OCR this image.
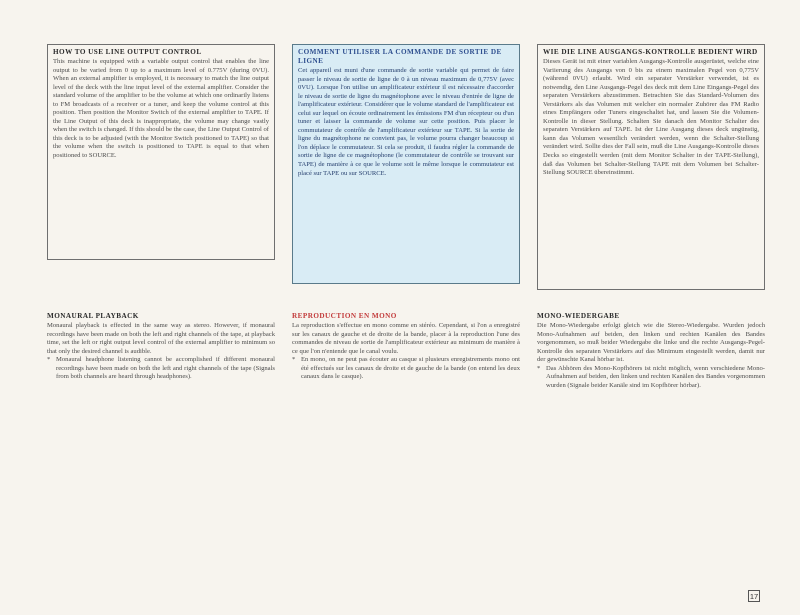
HOW TO USE LINE OUTPUT CONTROL

This machine is equipped with a variable output control that enables the line output to be varied from 0 up to a maximum level of 0.775V (during 0VU). When an external amplifier is employed, it is necessary to match the line output level of the deck with the line input level of the external amplifier. Consider the standard volume of the amplifier to be the volume at which one ordinarily listens to FM broadcasts of a receiver or a tuner, and keep the volume control at this position. Then position the Monitor Switch of the external amplifier to TAPE. If the Line Output of this deck is inappropriate, the volume may change vastly when the switch is changed. If this should be the case, the Line Output Control of this deck is to be adjusted (with the Monitor Switch positioned to TAPE) so that the volume when the switch is positioned to TAPE is equal to that when positioned to SOURCE.

COMMENT UTILISER LA COMMANDE DE SORTIE DE LIGNE

Cet appareil est muni d'une commande de sortie variable qui permet de faire passer le niveau de sortie de ligne de 0 à un niveau maximum de 0,775V (avec 0VU). Lorsque l'on utilise un amplificateur extérieur il est nécessaire d'accorder le niveau de sortie de ligne du magnétophone avec le niveau d'entrée de ligne de l'amplificateur extérieur. Considérer que le volume standard de l'amplificateur est celui sur lequel on écoute ordinairement les émissions FM d'un récepteur ou d'un tuner et laisser la commande de volume sur cette position. Puis placer le commutateur de contrôle de l'amplificateur extérieur sur TAPE. Si la sortie de ligne du magnétophone ne convient pas, le volume pourra changer beaucoup si l'on déplace le commutateur. Si cela se produit, il faudra régler la commande de sortie de ligne de ce magnétophone (le commutateur de contrôle se trouvant sur TAPE) de manière à ce que le volume soit le même lorsque le commutateur est placé sur TAPE ou sur SOURCE.

WIE DIE LINE AUSGANGS-KONTROLLE BEDIENT WIRD

Dieses Gerät ist mit einer variablen Ausgangs-Kontrolle ausgerüstet, welche eine Variierung des Ausgangs von 0 bis zu einem maximalen Pegel von 0,775V (während 0VU) erlaubt. Wird ein separater Verstärker verwendet, ist es notwendig, den Line Ausgangs-Pegel des deck mit dem Line Eingangs-Pegel des separaten Verstärkers abzustimmen. Betrachten Sie das Standard-Volumen des Verstärkers als das Volumen mit welcher ein normaler Zuhörer das FM Radio eines Empfängers oder Tuners eingeschaltet hat, und lassen Sie die Volumen-Kontrolle in dieser Stellung. Schalten Sie danach den Monitor Schalter des separaten Verstärkers auf TAPE. Ist der Line Ausgang dieses deck ungünstig, kann das Volumen wesentlich verändert werden, wenn die Schalter-Stellung verändert wird. Sollte dies der Fall sein, muß die Line Ausgangs-Kontrolle dieses Decks so eingestellt werden (mit dem Monitor Schalter in der TAPE-Stellung), daß das Volumen bei Schalter-Stellung TAPE mit dem Volumen bei Schalter-Stellung SOURCE übereinstimmt.

MONAURAL PLAYBACK

Monaural playback is effected in the same way as stereo. However, if monaural recordings have been made on both the left and right channels of the tape, at playback time, set the left or right output level control of the external amplifier to minimum so that only the desired channel is audible.

* Monaural headphone listening cannot be accomplished if different monaural recordings have been made on both the left and right channels of the tape (Signals from both channels are heard through headphones).
REPRODUCTION EN MONO

La reproduction s'effectue en mono comme en stéréo. Cependant, si l'on a enregistré sur les canaux de gauche et de droite de la bande, placer à la reproduction l'une des commandes de niveau de sortie de l'amplificateur extérieur au minimum de manière à ce que l'on n'entende que le canal voulu.

* En mono, on ne peut pas écouter au casque si plusieurs enregistrements mono ont été effectués sur les canaux de droite et de gauche de la bande (on entend les deux canaux dans le casque).
MONO-WIEDERGABE

Die Mono-Wiedergabe erfolgt gleich wie die Stereo-Wiedergabe. Wurden jedoch Mono-Aufnahmen auf beiden, den linken und rechten Kanälen des Bandes vorgenommen, so muß beider Wiedergabe die linke und die rechte Ausgangs-Pegel-Kontrolle des separaten Verstärkers auf das Minimum eingestellt werden, damit nur der gewünschte Kanal hörbar ist.

* Das Abhören des Mono-Kopfhörers ist nicht möglich, wenn verschiedene Mono-Aufnahmen auf beiden, den linken und rechten Kanälen des Bandes vorgenommen wurden (Signale beider Kanäle sind im Kopfhörer hörbar).
17
